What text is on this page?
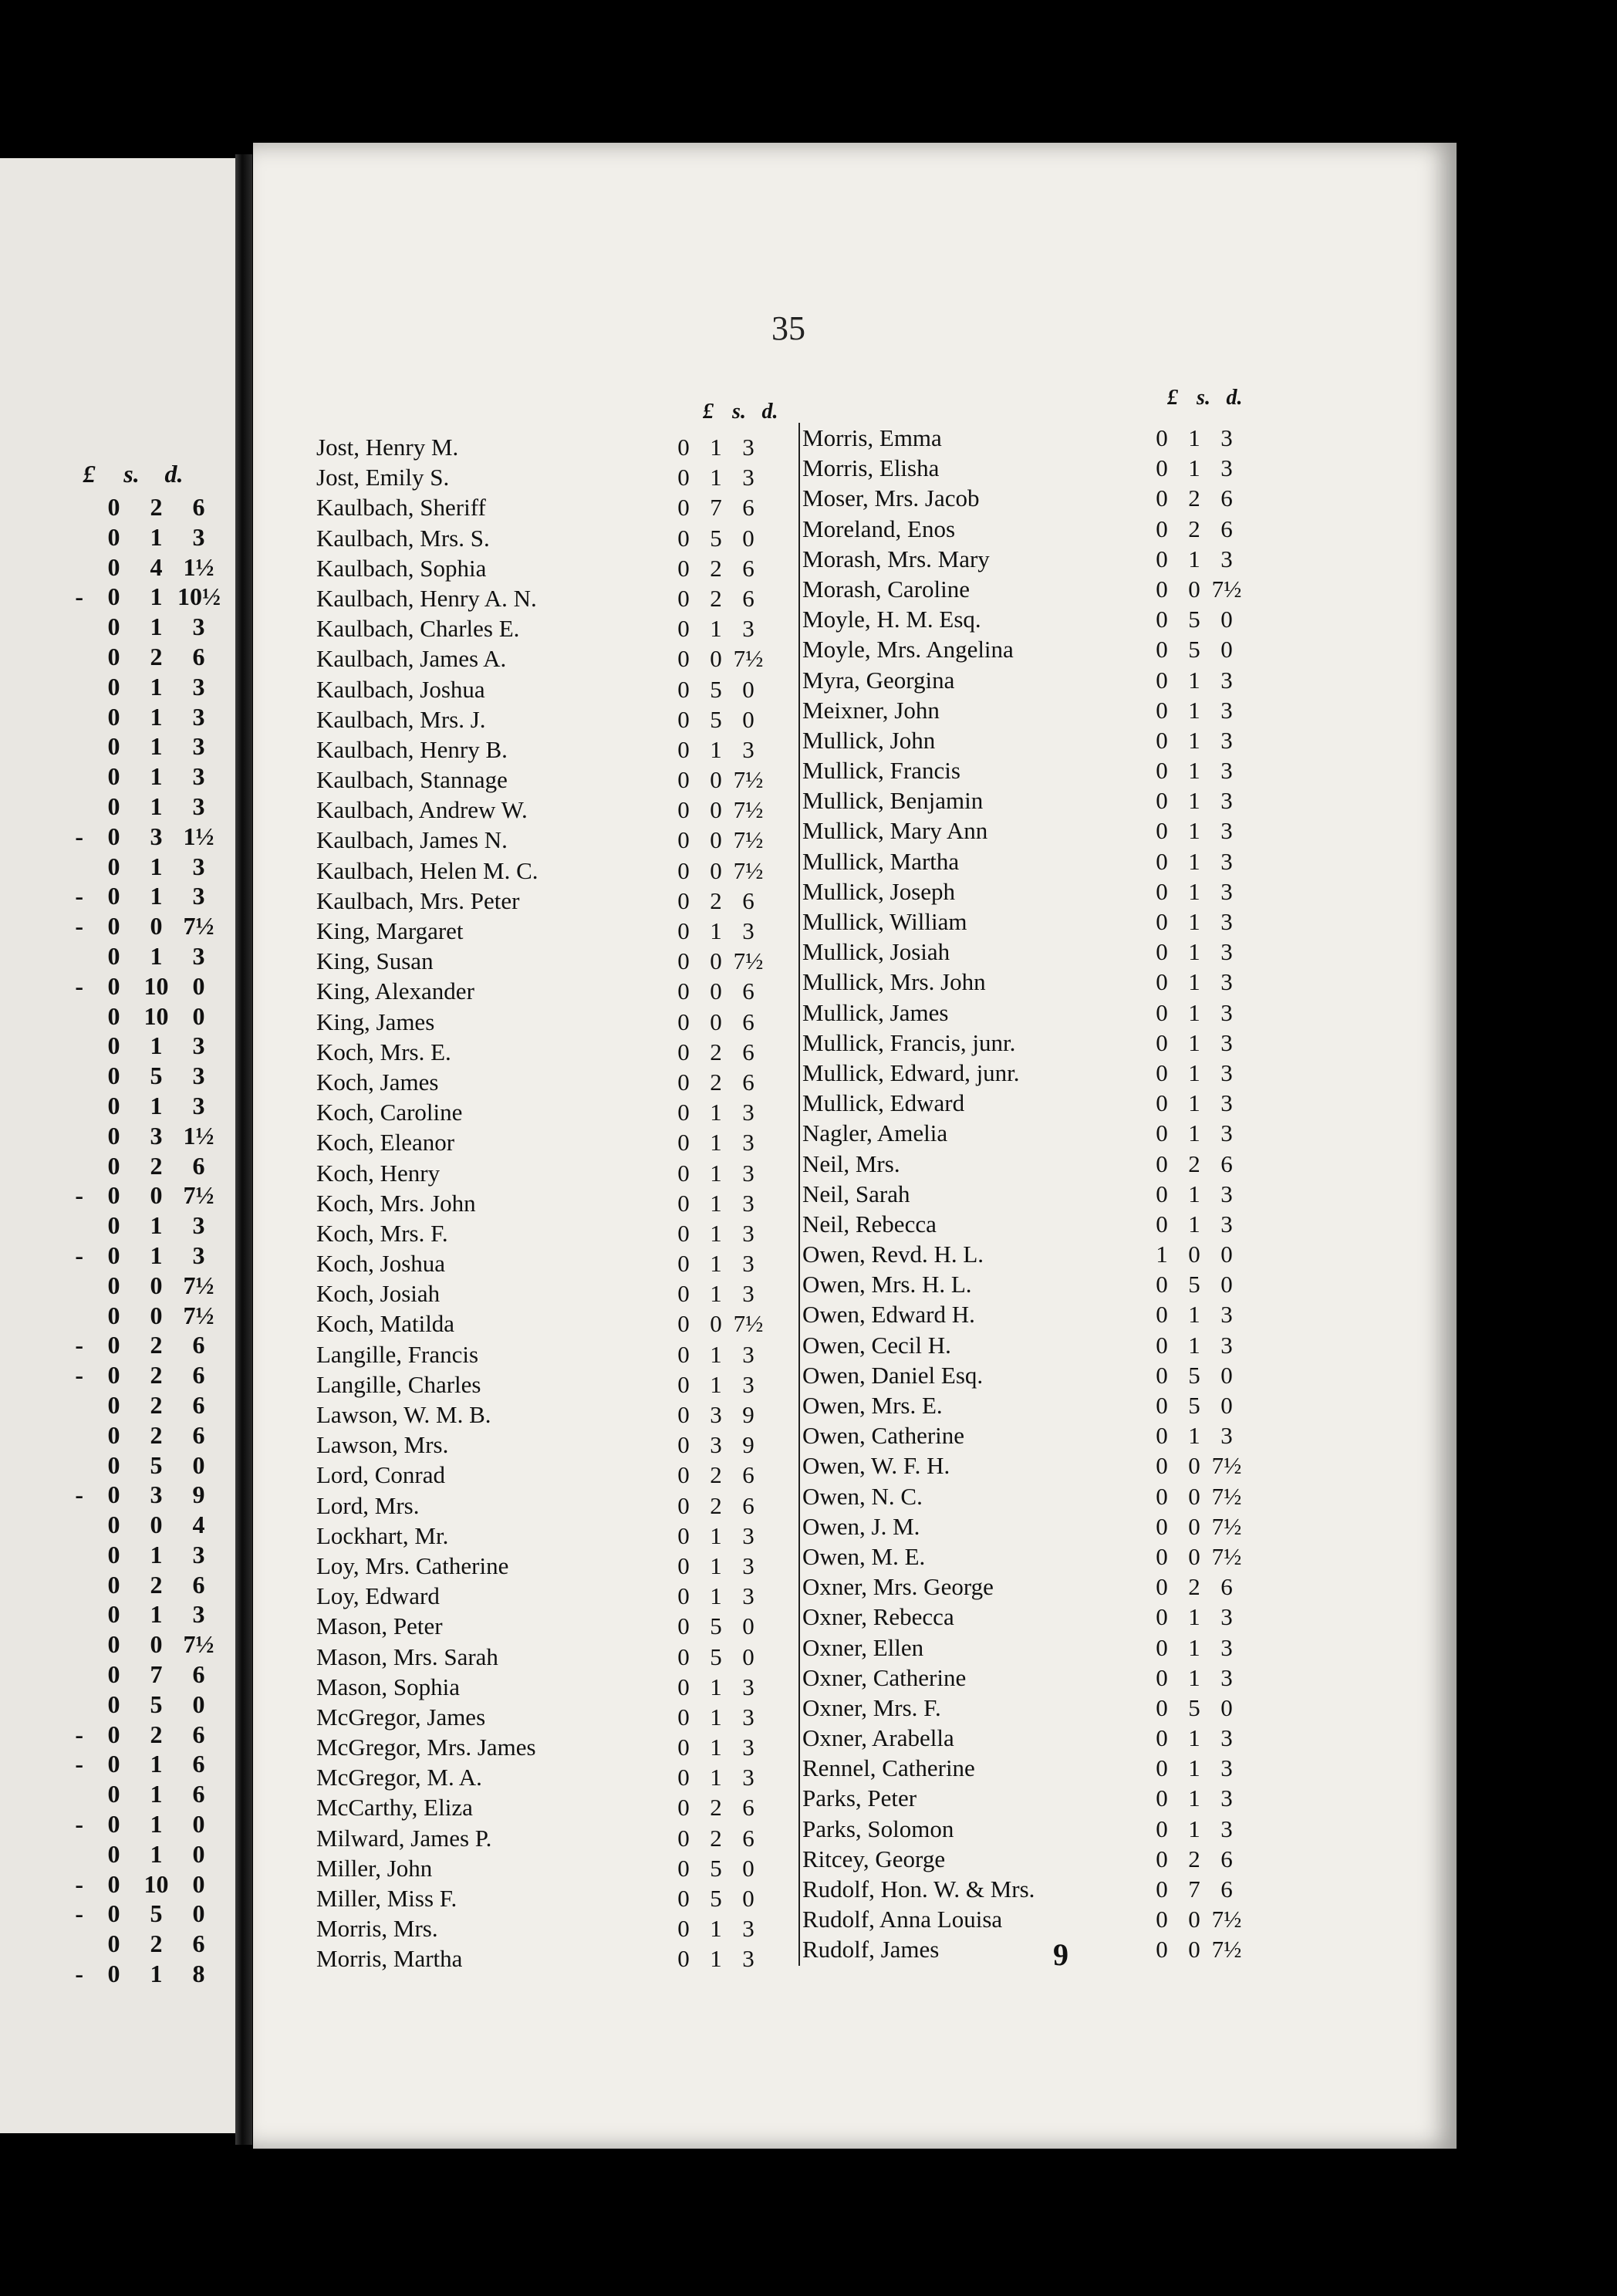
£	s.	d.
0	2	6
0	1	3
0	4 1½
- 0	1 10½
0	1	3
0	2	6
0	1	3
0	1	3
0	1	3
0	1	3
0	1	3
- 0	3 1½
0	1	3
- 0	1	3
- 0	0 7½
0	1	3
- 0 10 0
0 10 0
0	1	3
0	5	3
0	1	3
0	3 1½
0	2	6
- 0	0 7½
0	1	3
- 0	1	3
0	0 7½
0	0 7½
- 0	2	6
- 0	2	6
0	2	6
0	2	6
0	5	0
- 0	3	9
0	0	4
0	1	3
0	2	6
0	1	3
0	0 7½
0	7	6
0	5	0
- 0	2	6
- 0	1	6
0	1	6
- 0	1	0
0	1	0
- 0 10 0
- 0	5	0
0	2	6
- 0	1	8
35
£ s. d.
£ s. d.
Jost, Henry M.	0 1 3
Jost, Emily S.	0 1 3
Kaulbach, Sheriff	0 7 6
Kaulbach, Mrs. S.	0 5 0
Kaulbach, Sophia	0 2 6
Kaulbach, Henry A. N.	0 2 6
Kaulbach, Charles E.	0 1 3
Kaulbach, James A.	0 0 7½
Kaulbach, Joshua	0 5 0
Kaulbach, Mrs. J.	0 5 0
Kaulbach, Henry B.	0 1 3
Kaulbach, Stannage	0 0 7½
Kaulbach, Andrew W.	0 0 7½
Kaulbach, James N.	0 0 7½
Kaulbach, Helen M. C.	0 0 7½
Kaulbach, Mrs. Peter	0 2 6
King, Margaret	0 1 3
King, Susan	0 0 7½
King, Alexander	0 0 6
King, James	0 0 6
Koch, Mrs. E.	0 2 6
Koch, James	0 2 6
Koch, Caroline	0 1 3
Koch, Eleanor	0 1 3
Koch, Henry	0 1 3
Koch, Mrs. John	0 1 3
Koch, Mrs. F.	0 1 3
Koch, Joshua	0 1 3
Koch, Josiah	0 1 3
Koch, Matilda	0 0 7½
Langille, Francis	0 1 3
Langille, Charles	0 1 3
Lawson, W. M. B.	0 3 9
Lawson, Mrs.	0 3 9
Lord, Conrad	0 2 6
Lord, Mrs.	0 2 6
Lockhart, Mr.	0 1 3
Loy, Mrs. Catherine	0 1 3
Loy, Edward	0 1 3
Mason, Peter	0 5 0
Mason, Mrs. Sarah	0 5 0
Mason, Sophia	0 1 3
McGregor, James	0 1 3
McGregor, Mrs. James	0 1 3
McGregor, M. A.	0 1 3
McCarthy, Eliza	0 2 6
Milward, James P.	0 2 6
Miller, John	0 5 0
Miller, Miss F.	0 5 0
Morris, Mrs.	0 1 3
Morris, Martha	0 1 3
Morris, Emma	0 1 3
Morris, Elisha	0 1 3
Moser, Mrs. Jacob	0 2 6
Moreland, Enos	0 2 6
Morash, Mrs. Mary	0 1 3
Morash, Caroline	0 0 7½
Moyle, H. M. Esq.	0 5 0
Moyle, Mrs. Angelina	0 5 0
Myra, Georgina	0 1 3
Meixner, John	0 1 3
Mullick, John	0 1 3
Mullick, Francis	0 1 3
Mullick, Benjamin	0 1 3
Mullick, Mary Ann	0 1 3
Mullick, Martha	0 1 3
Mullick, Joseph	0 1 3
Mullick, William	0 1 3
Mullick, Josiah	0 1 3
Mullick, Mrs. John	0 1 3
Mullick, James	0 1 3
Mullick, Francis, junr.	0 1 3
Mullick, Edward, junr.	0 1 3
Mullick, Edward	0 1 3
Nagler, Amelia	0 1 3
Neil, Mrs.	0 2 6
Neil, Sarah	0 1 3
Neil, Rebecca	0 1 3
Owen, Revd. H. L.	1 0 0
Owen, Mrs. H. L.	0 5 0
Owen, Edward H.	0 1 3
Owen, Cecil H.	0 1 3
Owen, Daniel Esq.	0 5 0
Owen, Mrs. E.	0 5 0
Owen, Catherine	0 1 3
Owen, W. F. H.	0 0 7½
Owen, N. C.	0 0 7½
Owen, J. M.	0 0 7½
Owen, M. E.	0 0 7½
Oxner, Mrs. George	0 2 6
Oxner, Rebecca	0 1 3
Oxner, Ellen	0 1 3
Oxner, Catherine	0 1 3
Oxner, Mrs. F.	0 5 0
Oxner, Arabella	0 1 3
Rennel, Catherine	0 1 3
Parks, Peter	0 1 3
Parks, Solomon	0 1 3
Ritcey, George	0 2 6
Rudolf, Hon. W. & Mrs.	0 7 6
Rudolf, Anna Louisa	0 0 7½
Rudolf, James	0 0 7½
9
